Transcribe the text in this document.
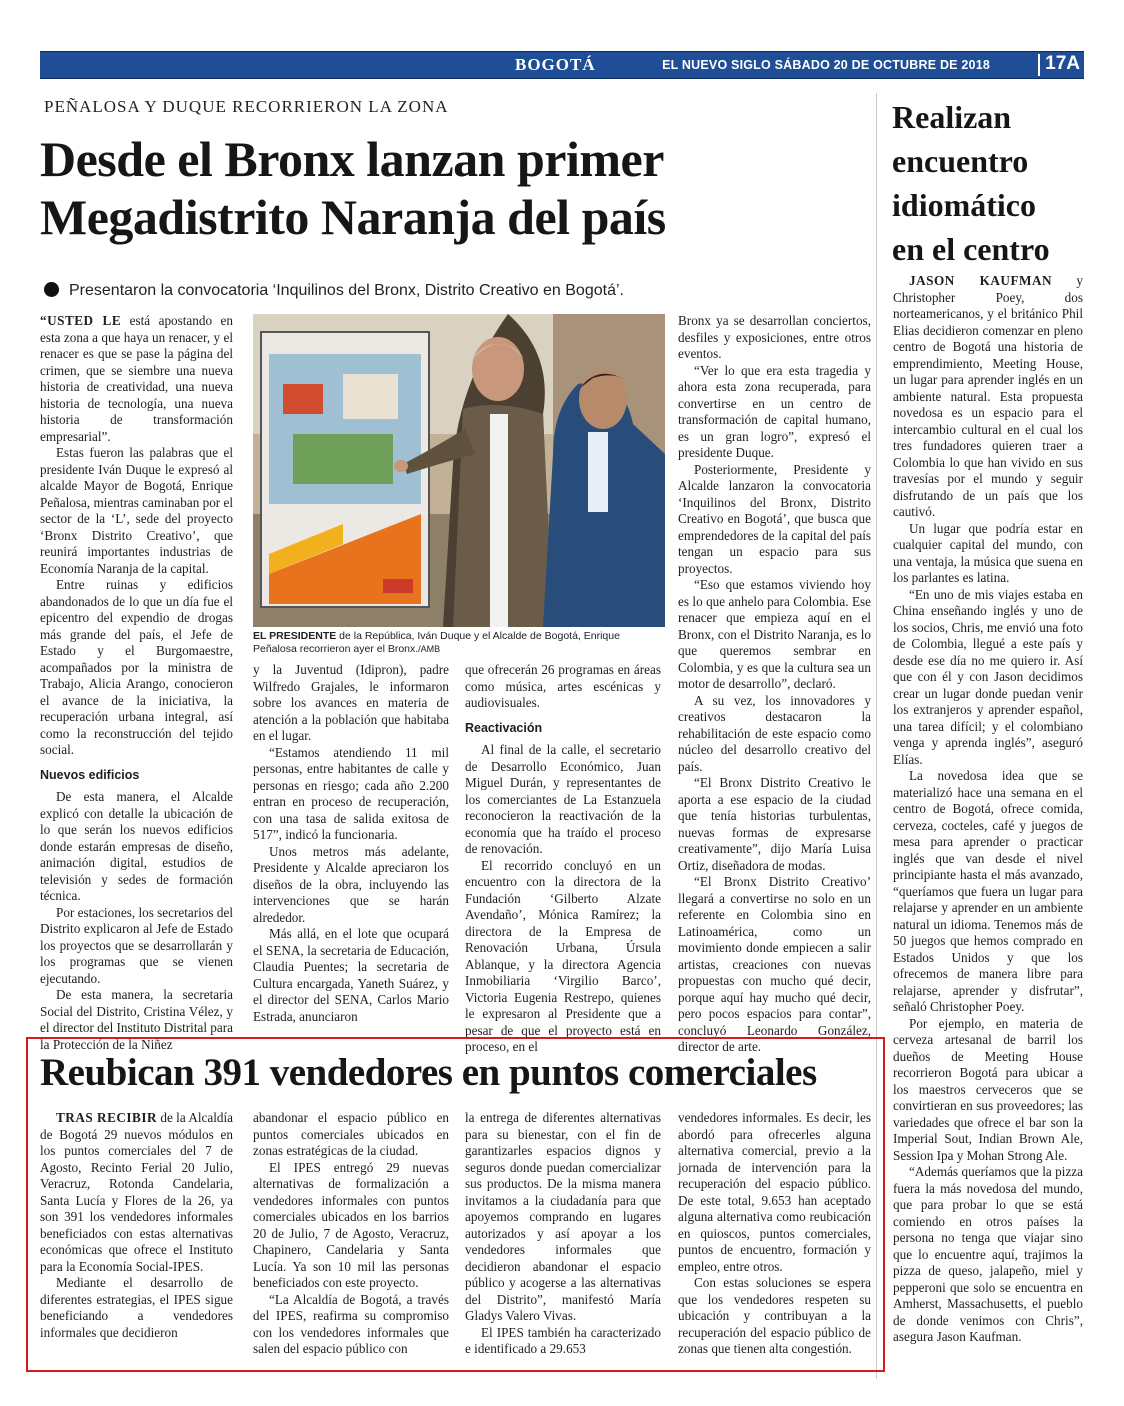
BOGOTÁ	EL NUEVO SIGLO SÁBADO 20 DE OCTUBRE DE 2018	17A
PEÑALOSA Y DUQUE RECORRIERON LA ZONA
Desde el Bronx lanzan primer
Megadistrito Naranja del país
Presentaron la convocatoria ‘Inquilinos del Bronx, Distrito Creativo en Bogotá’.

“USTED LE está apostando en esta zona a que haya un renacer, y el renacer es que se pase la página del crimen, que se siembre una nueva historia de creatividad, una nueva historia de tecnología, una nueva historia de transformación empresarial”.

Estas fueron las palabras que el presidente Iván Duque le expresó al alcalde Mayor de Bogotá, Enrique Peñalosa, mientras caminaban por el sector de la ‘L’, sede del proyecto ‘Bronx Distrito Creativo’, que reunirá importantes industrias de Economía Naranja de la capital.

Entre ruinas y edificios abandonados de lo que un día fue el epicentro del expendio de drogas más grande del país, el Jefe de Estado y el Burgomaestre, acompañados por la ministra de Trabajo, Alicia Arango, conocieron el avance de la iniciativa, la recuperación urbana integral, así como la reconstrucción del tejido social.

Nuevos edificios

De esta manera, el Alcalde explicó con detalle la ubicación de lo que serán los nuevos edificios donde estarán empresas de diseño, animación digital, estudios de televisión y sedes de formación técnica.

Por estaciones, los secretarios del Distrito explicaron al Jefe de Estado los proyectos que se desarrollarán y los programas que se vienen ejecutando.

De esta manera, la secretaria Social del Distrito, Cristina Vélez, y el director del Instituto Distrital para la Protección de la Niñez

EL PRESIDENTE de la República, Iván Duque y el Alcalde de Bogotá, Enrique Peñalosa recorrieron ayer el Bronx./AMB

y la Juventud (Idipron), padre Wilfredo Grajales, le informaron sobre los avances en materia de atención a la población que habitaba en el lugar.

“Estamos atendiendo 11 mil personas, entre habitantes de calle y personas en riesgo; cada año 2.200 entran en proceso de recuperación, con una tasa de salida exitosa de 517”, indicó la funcionaria.

Unos metros más adelante, Presidente y Alcalde apreciaron los diseños de la obra, incluyendo las intervenciones que se harán alrededor.

Más allá, en el lote que ocupará el SENA, la secretaria de Educación, Claudia Puentes; la secretaria de Cultura encargada, Yaneth Suárez, y el director del SENA, Carlos Mario Estrada, anunciaron

que ofrecerán 26 programas en áreas como música, artes escénicas y audiovisuales.

Reactivación

Al final de la calle, el secretario de Desarrollo Económico, Juan Miguel Durán, y representantes de los comerciantes de La Estanzuela reconocieron la reactivación de la economía que ha traído el proceso de renovación.

El recorrido concluyó en un encuentro con la directora de la Fundación ‘Gilberto Alzate Avendaño’, Mónica Ramírez; la directora de la Empresa de Renovación Urbana, Úrsula Ablanque, y la directora Agencia Inmobiliaria ‘Virgilio Barco’, Victoria Eugenia Restrepo, quienes le expresaron al Presidente que a pesar de que el proyecto está en proceso, en el

Bronx ya se desarrollan conciertos, desfiles y exposiciones, entre otros eventos.

“Ver lo que era esta tragedia y ahora esta zona recuperada, para convertirse en un centro de transformación de capital humano, es un gran logro”, expresó el presidente Duque.

Posteriormente, Presidente y Alcalde lanzaron la convocatoria ‘Inquilinos del Bronx, Distrito Creativo en Bogotá’, que busca que emprendedores de la capital del país tengan un espacio para sus proyectos.

“Eso que estamos viviendo hoy es lo que anhelo para Colombia. Ese renacer que empieza aquí en el Bronx, con el Distrito Naranja, es lo que queremos sembrar en Colombia, y es que la cultura sea un motor de desarrollo”, declaró.

A su vez, los innovadores y creativos destacaron la rehabilitación de este espacio como núcleo del desarrollo creativo del país.

“El Bronx Distrito Creativo le aporta a ese espacio de la ciudad que tenía historias turbulentas, nuevas formas de expresarse creativamente”, dijo María Luisa Ortiz, diseñadora de modas.

“El Bronx Distrito Creativo’ llegará a convertirse no solo en un referente en Colombia sino en Latinoamérica, como un movimiento donde empiecen a salir artistas, creaciones con nuevas propuestas con mucho qué decir, porque aquí hay mucho qué decir, pero pocos espacios para contar”, concluyó Leonardo González, director de arte.

Realizan
encuentro
idiomático
en el centro

JASON KAUFMAN y Christopher Poey, dos norteamericanos, y el británico Phil Elias decidieron comenzar en pleno centro de Bogotá una historia de emprendimiento, Meeting House, un lugar para aprender inglés en un ambiente natural. Esta propuesta novedosa es un espacio para el intercambio cultural en el cual los tres fundadores quieren traer a Colombia lo que han vivido en sus travesías por el mundo y seguir disfrutando de un país que los cautivó.

Un lugar que podría estar en cualquier capital del mundo, con una ventaja, la música que suena en los parlantes es latina.

“En uno de mis viajes estaba en China enseñando inglés y uno de los socios, Chris, me envió una foto de Colombia, llegué a este país y desde ese día no me quiero ir. Así que con él y con Jason decidimos crear un lugar donde puedan venir los extranjeros y aprender español, una tarea difícil; y el colombiano venga y aprenda inglés”, aseguró Elías.

La novedosa idea que se materializó hace una semana en el centro de Bogotá, ofrece comida, cerveza, cocteles, café y juegos de mesa para aprender o practicar inglés que van desde el nivel principiante hasta el más avanzado, “queríamos que fuera un lugar para relajarse y aprender en un ambiente natural un idioma. Tenemos más de 50 juegos que hemos comprado en Estados Unidos y que los ofrecemos de manera libre para relajarse, aprender y disfrutar”, señaló Christopher Poey.

Por ejemplo, en materia de cerveza artesanal de barril los dueños de Meeting House recorrieron Bogotá para ubicar a los maestros cerveceros que se convirtieran en sus proveedores; las variedades que ofrece el bar son la Imperial Sout, Indian Brown Ale, Session Ipa y Mohan Strong Ale.

“Además queríamos que la pizza fuera la más novedosa del mundo, que para probar lo que se está comiendo en otros países la persona no tenga que viajar sino que lo encuentre aquí, trajimos la pizza de queso, jalapeño, miel y pepperoni que solo se encuentra en Amherst, Massachusetts, el pueblo de donde venimos con Chris”, asegura Jason Kaufman.

Reubican 391 vendedores en puntos comerciales

TRAS RECIBIR de la Alcaldía de Bogotá 29 nuevos módulos en los puntos comerciales del 7 de Agosto, Recinto Ferial 20 Julio, Veracruz, Rotonda Candelaria, Santa Lucía y Flores de la 26, ya son 391 los vendedores informales beneficiados con estas alternativas económicas que ofrece el Instituto para la Economía Social-IPES.

Mediante el desarrollo de diferentes estrategias, el IPES sigue beneficiando a vendedores informales que decidieron

abandonar el espacio público en puntos comerciales ubicados en zonas estratégicas de la ciudad.

El IPES entregó 29 nuevas alternativas de formalización a vendedores informales con puntos comerciales ubicados en los barrios 20 de Julio, 7 de Agosto, Veracruz, Chapinero, Candelaria y Santa Lucía. Ya son 10 mil las personas beneficiados con este proyecto.

“La Alcaldía de Bogotá, a través del IPES, reafirma su compromiso con los vendedores informales que salen del espacio público con

la entrega de diferentes alternativas para su bienestar, con el fin de garantizarles espacios dignos y seguros donde puedan comercializar sus productos. De la misma manera invitamos a la ciudadanía para que apoyemos comprando en lugares autorizados y así apoyar a los vendedores informales que decidieron abandonar el espacio público y acogerse a las alternativas del Distrito”, manifestó María Gladys Valero Vivas.

El IPES también ha caracterizado e identificado a 29.653

vendedores informales. Es decir, les abordó para ofrecerles alguna alternativa comercial, previo a la jornada de intervención para la recuperación del espacio público. De este total, 9.653 han aceptado alguna alternativa como reubicación en quioscos, puntos comerciales, puntos de encuentro, formación y empleo, entre otros.

Con estas soluciones se espera que los vendedores respeten su ubicación y contribuyan a la recuperación del espacio público de zonas que tienen alta congestión.
